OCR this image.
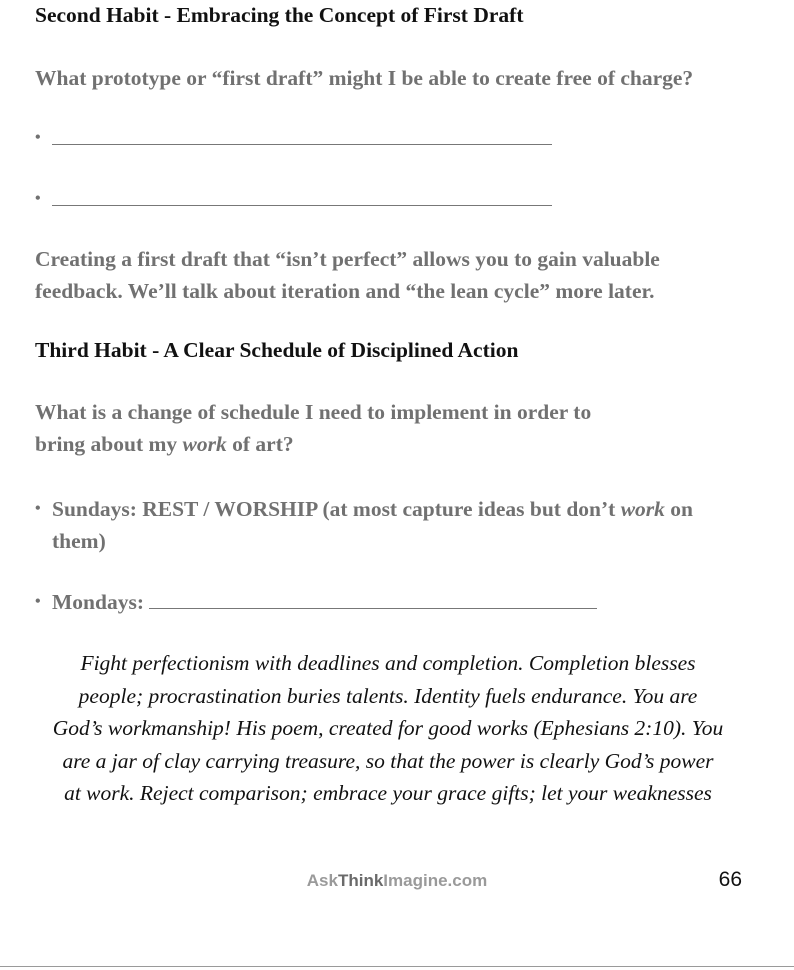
Second Habit - Embracing the Concept of First Draft

What prototype or “first draft” might I be able to create free of charge?

•
•

Creating a first draft that “isn’t perfect” allows you to gain valuable
feedback. We’ll talk about iteration and “the lean cycle” more later.

Third Habit - A Clear Schedule of Disciplined Action

What is a change of schedule I need to implement in order to
bring about my work of art?

• Sundays: REST / WORSHIP (at most capture ideas but don’t work on
them)
• Mondays:

Fight perfectionism with deadlines and completion. Completion blesses
people; procrastination buries talents. Identity fuels endurance. You are
God’s workmanship! His poem, created for good works (Ephesians 2:10). You
are a jar of clay carrying treasure, so that the power is clearly God’s power
at work. Reject comparison; embrace your grace gifts; let your weaknesses

AskThinkImagine.com	66
